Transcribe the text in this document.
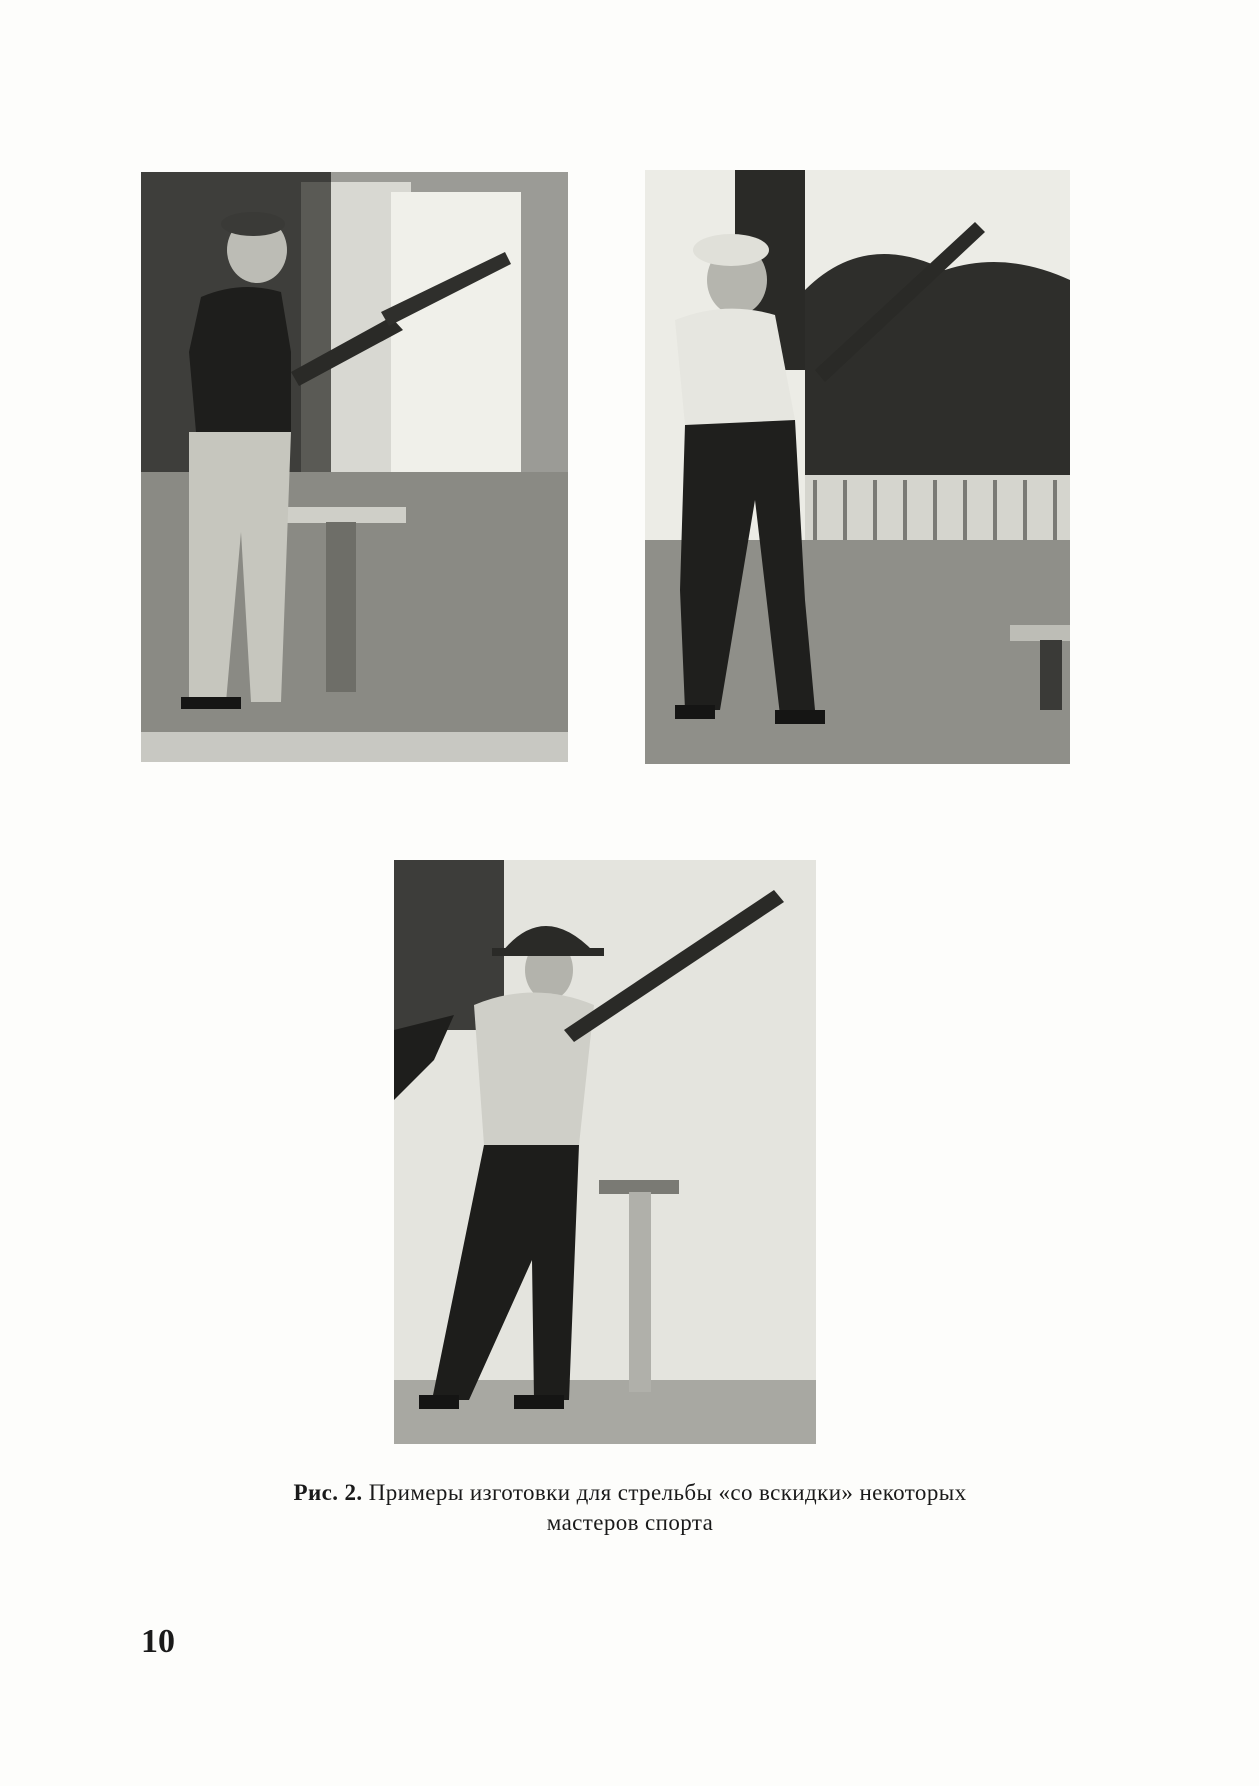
Рис. 2. Примеры изготовки для стрельбы «со вскидки» некоторых
мастеров спорта
10
